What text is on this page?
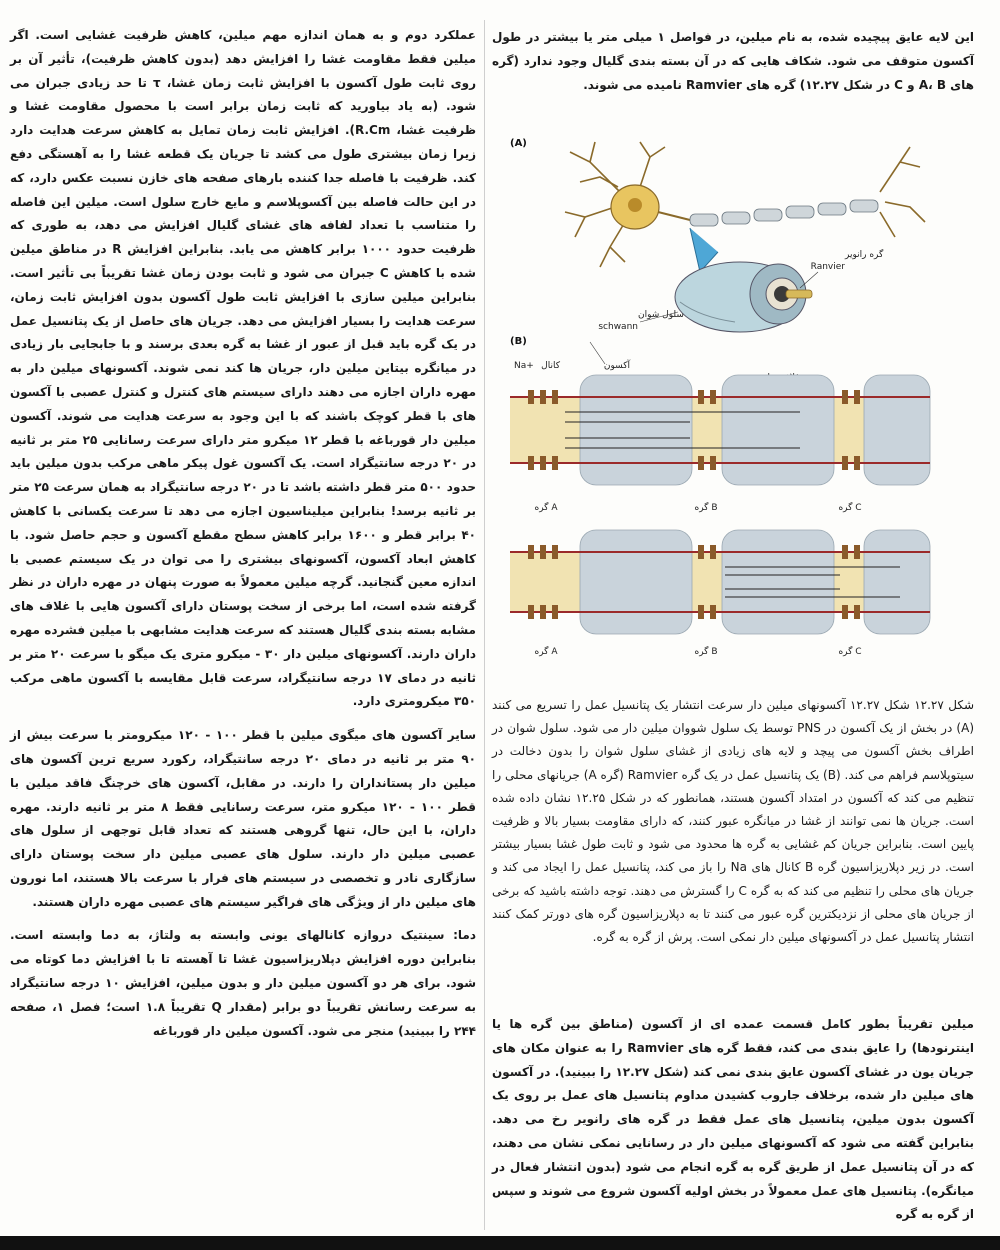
عملکرد دوم و به همان اندازه مهم میلین، کاهش ظرفیت غشایی است. اگر میلین فقط مقاومت غشا را افزایش دهد (بدون کاهش ظرفیت)، تأثیر آن بر روی ثابت طول آکسون با افزایش ثابت زمان غشا، τ تا حد زیادی جبران می شود. (به یاد بیاورید که ثابت زمان برابر است با محصول مقاومت غشا و ظرفیت غشا، R.Cm). افزایش ثابت زمان تمایل به کاهش سرعت هدایت دارد زیرا زمان بیشتری طول می کشد تا جریان یک قطعه غشا را به آهستگی دفع کند. ظرفیت با فاصله جدا کننده بارهای صفحه های خازن نسبت عکس دارد، که در این حالت فاصله بین آکسوپلاسم و مایع خارج سلول است. میلین این فاصله را متناسب با تعداد لفافه های غشای گلیال افزایش می دهد، به طوری که ظرفیت حدود ۱۰۰۰ برابر کاهش می یابد. بنابراین افزایش R در مناطق میلین شده با کاهش C جبران می شود و ثابت بودن زمان غشا تقریباً بی تأثیر است. بنابراین میلین سازی با افزایش ثابت طول آکسون بدون افزایش ثابت زمان، سرعت هدایت را بسیار افزایش می دهد. جریان های حاصل از یک پتانسیل عمل در یک گره باید قبل از عبور از غشا به گره بعدی برسند و با جابجایی بار زیادی در میانگره بیتاین میلین دار، جریان ها کند نمی شوند. آکسونهای میلین دار به مهره داران اجازه می دهند دارای سیستم های کنترل و کنترل عصبی با آکسون های با قطر کوچک باشند که با این وجود به سرعت هدایت می شوند. آکسون میلین دار قورباغه با قطر ۱۲ میکرو متر دارای سرعت رسانایی ۲۵ متر بر ثانیه در ۲۰ درجه سانتیگراد است. یک آکسون غول پیکر ماهی مرکب بدون میلین باید حدود ۵۰۰ متر قطر داشته باشد تا در ۲۰ درجه سانتیگراد به همان سرعت ۲۵ متر بر ثانیه برسد! بنابراین میلیناسیون اجازه می دهد تا سرعت یکسانی با کاهش ۴۰ برابر قطر و ۱۶۰۰ برابر کاهش سطح مقطع آکسون و حجم حاصل شود. با کاهش ابعاد آکسون، آکسونهای بیشتری را می توان در یک سیستم عصبی با اندازه معین گنجانید. گرچه میلین معمولاً به صورت پنهان در مهره داران در نظر گرفته شده است، اما برخی از سخت پوستان دارای آکسون هایی با غلاف های مشابه بسته بندی گلیال هستند که سرعت هدایت مشابهی با میلین فشرده مهره داران دارند. آکسونهای میلین دار ۳۰ - میکرو متری یک میگو با سرعت ۲۰ متر بر ثانیه در دمای ۱۷ درجه سانتیگراد، سرعت قابل مقایسه با آکسون ماهی مرکب ۳۵۰ میکرومتری دارد.

سایر آکسون های میگوی میلین با قطر ۱۰۰ - ۱۲۰ میکرومتر با سرعت بیش از ۹۰ متر بر ثانیه در دمای ۲۰ درجه سانتیگراد، رکورد سریع ترین آکسون های میلین دار پستانداران را دارند. در مقابل، آکسون های خرچنگ فاقد میلین با قطر ۱۰۰ - ۱۲۰ میکرو متر، سرعت رسانایی فقط ۸ متر بر ثانیه دارند. مهره داران، با این حال، تنها گروهی هستند که تعداد قابل توجهی از سلول های عصبی میلین دار دارند. سلول های عصبی میلین دار سخت پوستان دارای سازگاری نادر و تخصصی در سیستم های فرار با سرعت بالا هستند، اما نورون های میلین دار از ویژگی های فراگیر سیستم های عصبی مهره داران هستند.

دما: سینتیک دروازه کانالهای یونی وابسته به ولتاژ، به دما وابسته است. بنابراین دوره افزایش دپلاریزاسیون غشا تا آهسته تا با افزایش دما کوتاه می شود. برای هر دو آکسون میلین دار و بدون میلین، افزایش ۱۰ درجه سانتیگراد به سرعت رسانش تقریباً دو برابر (مقدار Q تقریباً ۱.۸ است؛ فصل ۱، صفحه ۲۴۴ را ببینید) منجر می شود. آکسون میلین دار قورباغه

این لایه عایق پیچیده شده، به نام میلین، در فواصل ۱ میلی متر یا بیشتر در طول آکسون متوقف می شود. شکاف هایی که در آن بسته بندی گلیال وجود ندارد (گره های A، B و C در شکل ۱۲.۲۷) گره های Ramvier نامیده می شوند.

(A)
گره رانویر
Ranvier
سلول شوان
schwann
(B)
Na+ کانال	آکسون
A گره	B گره	C گره
A گره	B گره	C گره

شکل ۱۲.۲۷ شکل ۱۲.۲۷ آکسونهای میلین دار سرعت انتشار یک پتانسیل عمل را تسریع می کنند (A) در بخش از یک آکسون در PNS توسط یک سلول شووان میلین دار می شود. سلول شوان در اطراف بخش آکسون می پیچد و لایه های زیادی از غشای سلول شوان را بدون دخالت در سیتوپلاسم فراهم می کند. (B) یک پتانسیل عمل در یک گره Ramvier (گره A) جریانهای محلی را تنظیم می کند که آکسون در امتداد آکسون هستند، همانطور که در شکل ۱۲.۲۵ نشان داده شده است. جریان ها نمی توانند از غشا در میانگره عبور کنند، که دارای مقاومت بسیار بالا و ظرفیت پایین است. بنابراین جریان کم غشایی به گره ها محدود می شود و ثابت طول غشا بسیار بیشتر است. در زیر دپلاریزاسیون گره B کانال های Na را باز می کند، پتانسیل عمل را ایجاد می کند و جریان های محلی را تنظیم می کند که به گره C را گسترش می دهند. توجه داشته باشید که برخی از جریان های محلی از نزدیکترین گره عبور می کنند تا به دپلاریزاسیون گره های دورتر کمک کنند انتشار پتانسیل عمل در آکسونهای میلین دار نمکی است. پرش از گره به گره.

میلین تقریباً بطور کامل قسمت عمده ای از آکسون (مناطق بین گره ها یا اینترنودها) را عایق بندی می کند، فقط گره های Ramvier را به عنوان مکان های جریان یون در غشای آکسون عایق بندی نمی کند (شکل ۱۲.۲۷ را ببینید). در آکسون های میلین دار شده، برخلاف جاروب کشیدن مداوم پتانسیل های عمل بر روی یک آکسون بدون میلین، پتانسیل های عمل فقط در گره های رانویر رخ می دهد. بنابراین گفته می شود که آکسونهای میلین دار در رسانایی نمکی نشان می دهند، که در آن پتانسیل عمل از طریق گره به گره انجام می شود (بدون انتشار فعال در میانگره). پتانسیل های عمل معمولاً در بخش اولیه آکسون شروع می شوند و سپس از گره به گره
